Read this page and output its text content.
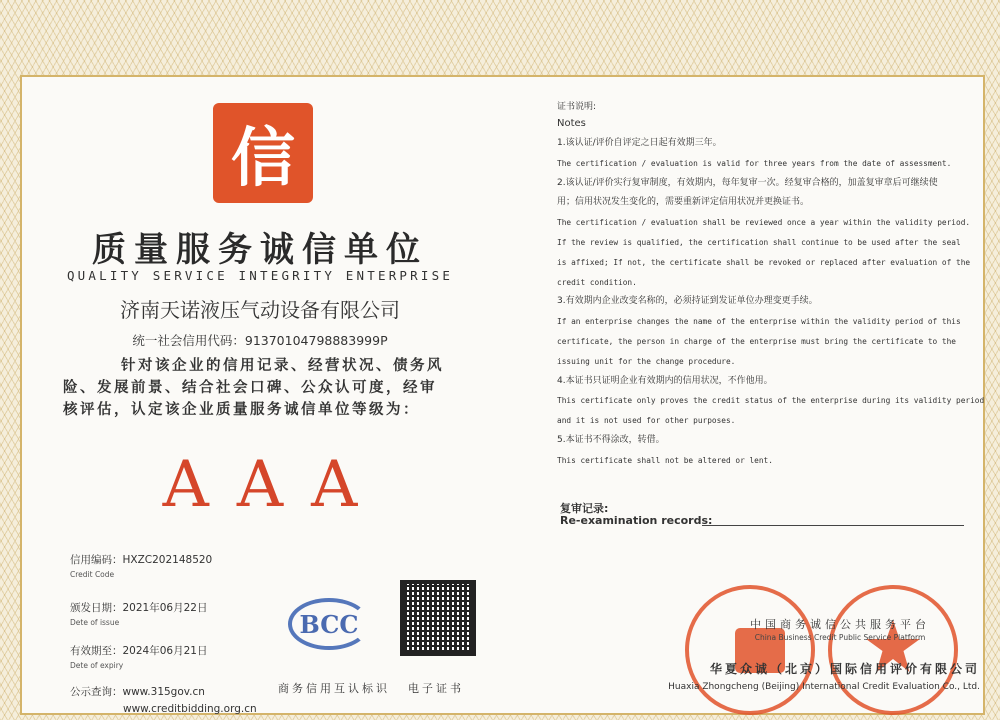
信
质量服务诚信单位
QUALITY SERVICE INTEGRITY ENTERPRISE
济南天诺液压气动设备有限公司
统一社会信用代码：91370104798883999P
针对该企业的信用记录、经营状况、债务风险、发展前景、结合社会口碑、公众认可度，经审核评估，认定该企业质量服务诚信单位等级为：
AAA
信用编码：HXZC202148520
Credit Code
颁发日期：2021年06月22日
Dete of issue
有效期至：2024年06月21日
Dete of expiry
公示查询：www.315gov.cn
www.creditbidding.org.cn
BCC
商务信用互认标识 电子证书
证书说明:
Notes
1.该认证/评价自评定之日起有效期三年。
The certification / evaluation is valid for three years from the date of assessment.
2.该认证/评价实行复审制度，有效期内，每年复审一次。经复审合格的，加盖复审章后可继续使
用；信用状况发生变化的，需要重新评定信用状况并更换证书。
The certification / evaluation shall be reviewed once a year within the validity period.
If the review is qualified, the certification shall continue to be used after the seal
is affixed; If not, the certificate shall be revoked or replaced after evaluation of the
credit condition.
3.有效期内企业改变名称的，必须持证到发证单位办理变更手续。
If an enterprise changes the name of the enterprise within the validity period of this
certificate, the person in charge of the enterprise must bring the certificate to the
issuing unit for the change procedure.
4.本证书只证明企业有效期内的信用状况，不作他用。
This certificate only proves the credit status of the enterprise during its validity period
and it is not used for other purposes.
5.本证书不得涂改，转借。
This certificate shall not be altered or lent.
复审记录:
Re-examination records:
中国商务诚信公共服务平台
China Business Credit Public Service Platform
华夏众诚（北京）国际信用评价有限公司
Huaxia Zhongcheng (Beijing) International Credit Evaluation Co., Ltd.
